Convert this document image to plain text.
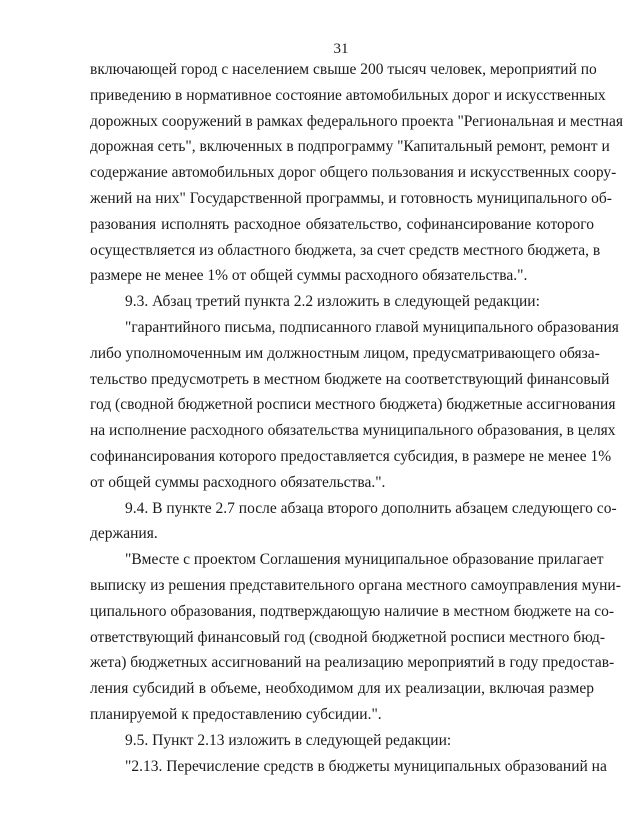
31
включающей город с населением свыше 200 тысяч человек, мероприятий по
приведению в нормативное состояние автомобильных дорог и искусственных
дорожных сооружений в рамках федерального проекта "Региональная и местная
дорожная сеть", включенных в подпрограмму "Капитальный ремонт, ремонт и
содержание автомобильных дорог общего пользования и искусственных соору-
жений на них" Государственной программы, и готовность муниципального об-
разования исполнять расходное обязательство, софинансирование которого
осуществляется из областного бюджета, за счет средств местного бюджета, в
размере не менее 1% от общей суммы расходного обязательства.".
9.3. Абзац третий пункта 2.2 изложить в следующей редакции:
"гарантийного письма, подписанного главой муниципального образования
либо уполномоченным им должностным лицом, предусматривающего обяза-
тельство предусмотреть в местном бюджете на соответствующий финансовый
год (сводной бюджетной росписи местного бюджета) бюджетные ассигнования
на исполнение расходного обязательства муниципального образования, в целях
софинансирования которого предоставляется субсидия, в размере не менее 1%
от общей суммы расходного обязательства.".
9.4. В пункте 2.7 после абзаца второго дополнить абзацем следующего со-
держания.
"Вместе с проектом Соглашения муниципальное образование прилагает
выписку из решения представительного органа местного самоуправления муни-
ципального образования, подтверждающую наличие в местном бюджете на со-
ответствующий финансовый год (сводной бюджетной росписи местного бюд-
жета) бюджетных ассигнований на реализацию мероприятий в году предостав-
ления субсидий в объеме, необходимом для их реализации, включая размер
планируемой к предоставлению субсидии.".
9.5. Пункт 2.13 изложить в следующей редакции:
"2.13. Перечисление средств в бюджеты муниципальных образований на
